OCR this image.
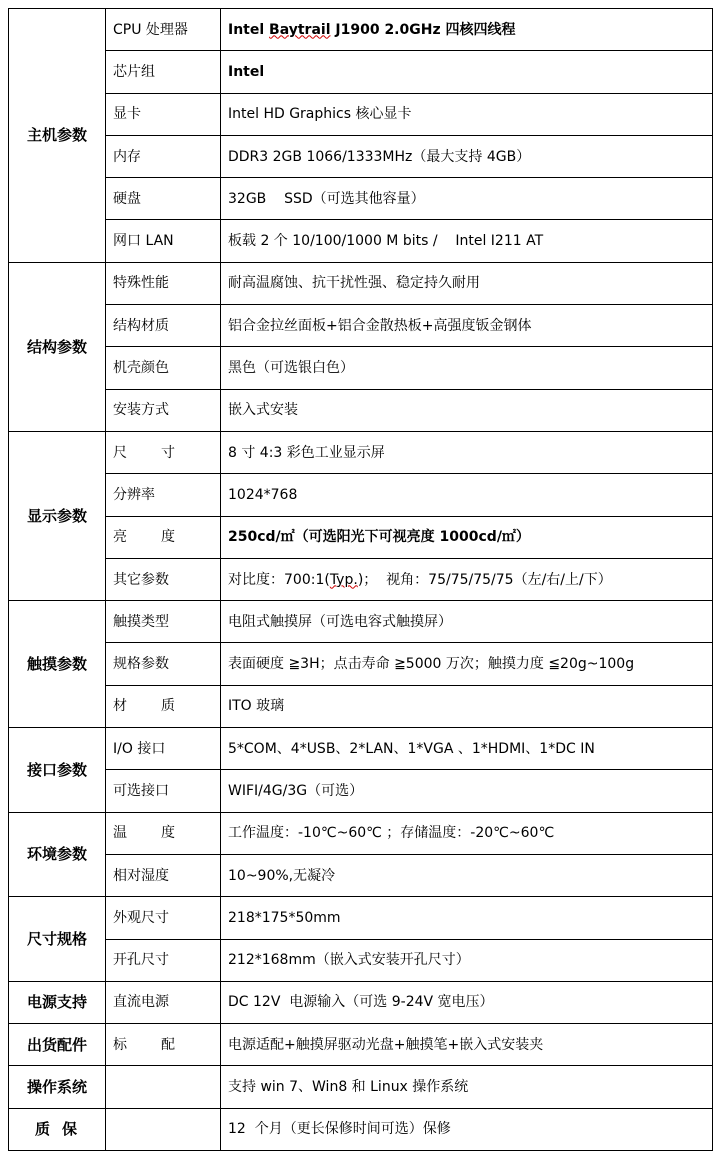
主机参数	CPU 处理器	Intel Baytrail J1900 2.0GHz 四核四线程
	芯片组	Intel
	显卡	Intel HD Graphics 核心显卡
	内存	DDR3 2GB 1066/1333MHz（最大支持 4GB）
	硬盘	32GB    SSD（可选其他容量）
	网口 LAN	板载 2 个 10/100/1000 M bits /    Intel I211 AT
结构参数	特殊性能	耐高温腐蚀、抗干扰性强、稳定持久耐用
	结构材质	铝合金拉丝面板+铝合金散热板+高强度钣金钢体
	机壳颜色	黑色（可选银白色）
	安装方式	嵌入式安装
显示参数	尺寸	8 寸 4:3 彩色工业显示屏
	分辨率	1024*768
	亮度	250cd/㎡（可选阳光下可视亮度 1000cd/㎡）
	其它参数	对比度：700:1(Typ.)；  视角：75/75/75/75（左/右/上/下）
触摸参数	触摸类型	电阻式触摸屏（可选电容式触摸屏）
	规格参数	表面硬度 ≧3H；点击寿命 ≧5000 万次；触摸力度 ≦20g~100g
	材质	ITO 玻璃
接口参数	I/O 接口	5*COM、4*USB、2*LAN、1*VGA 、1*HDMI、1*DC IN
	可选接口	WIFI/4G/3G（可选）
环境参数	温度	工作温度：-10℃~60℃ ；存储温度：-20℃~60℃
	相对湿度	10~90%,无凝冷
尺寸规格	外观尺寸	218*175*50mm
	开孔尺寸	212*168mm（嵌入式安装开孔尺寸）
电源支持	直流电源	DC 12V  电源输入（可选 9-24V 宽电压）
出货配件	标配	电源适配+触摸屏驱动光盘+触摸笔+嵌入式安装夹
操作系统		支持 win 7、Win8 和 Linux 操作系统
质保		12  个月（更长保修时间可选）保修
